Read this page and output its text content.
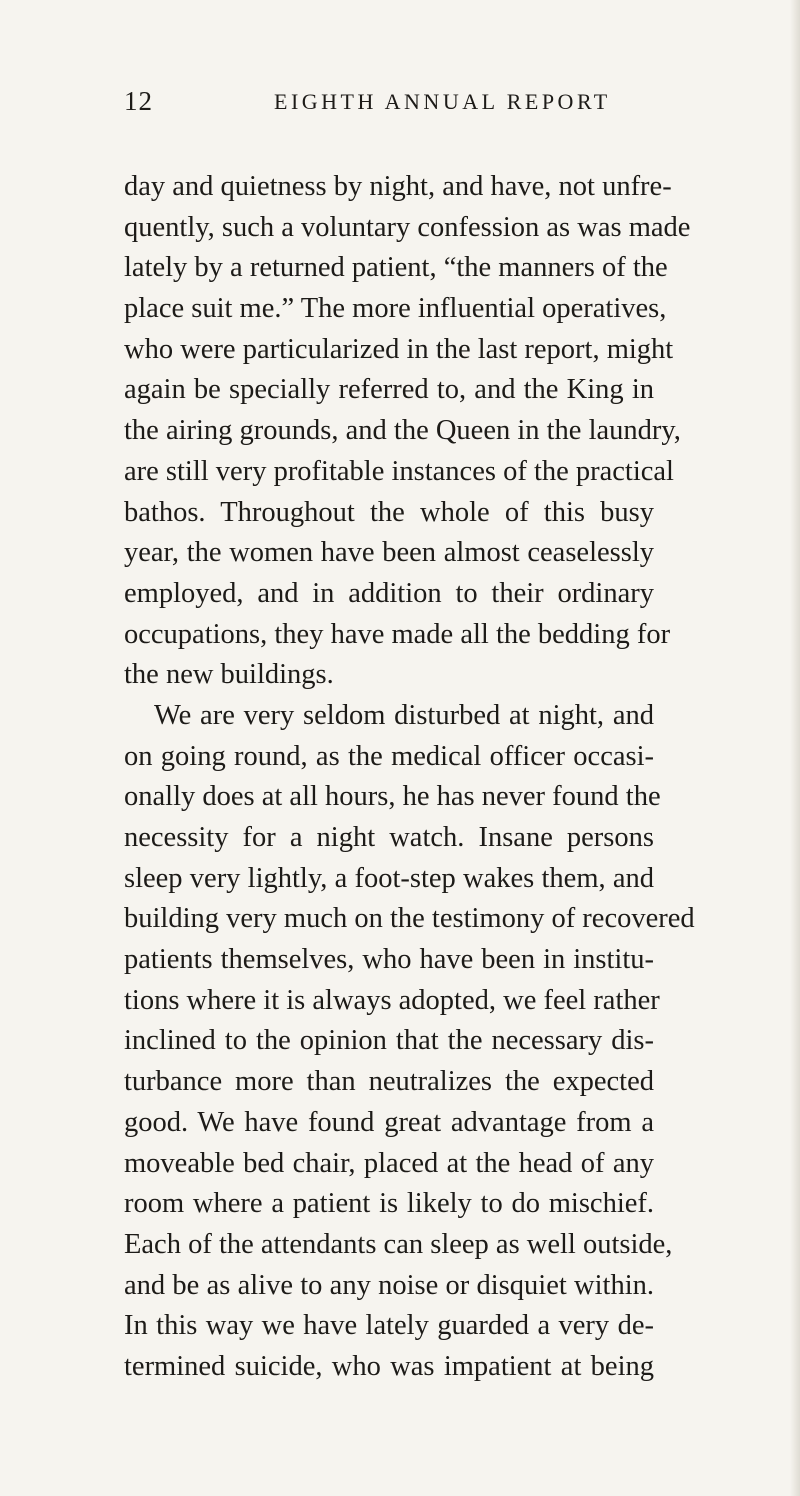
12	EIGHTH ANNUAL REPORT
day and quietness by night, and have, not unfre-
quently, such a voluntary confession as was made
lately by a returned patient, “the manners of the
place suit me.” The more influential operatives,
who were particularized in the last report, might
again be specially referred to, and the King in
the airing grounds, and the Queen in the laundry,
are still very profitable instances of the practical
bathos. Throughout the whole of this busy
year, the women have been almost ceaselessly
employed, and in addition to their ordinary
occupations, they have made all the bedding for
the new buildings.
We are very seldom disturbed at night, and
on going round, as the medical officer occasi-
onally does at all hours, he has never found the
necessity for a night watch. Insane persons
sleep very lightly, a foot-step wakes them, and
building very much on the testimony of recovered
patients themselves, who have been in institu-
tions where it is always adopted, we feel rather
inclined to the opinion that the necessary dis-
turbance more than neutralizes the expected
good. We have found great advantage from a
moveable bed chair, placed at the head of any
room where a patient is likely to do mischief.
Each of the attendants can sleep as well outside,
and be as alive to any noise or disquiet within.
In this way we have lately guarded a very de-
termined suicide, who was impatient at being
